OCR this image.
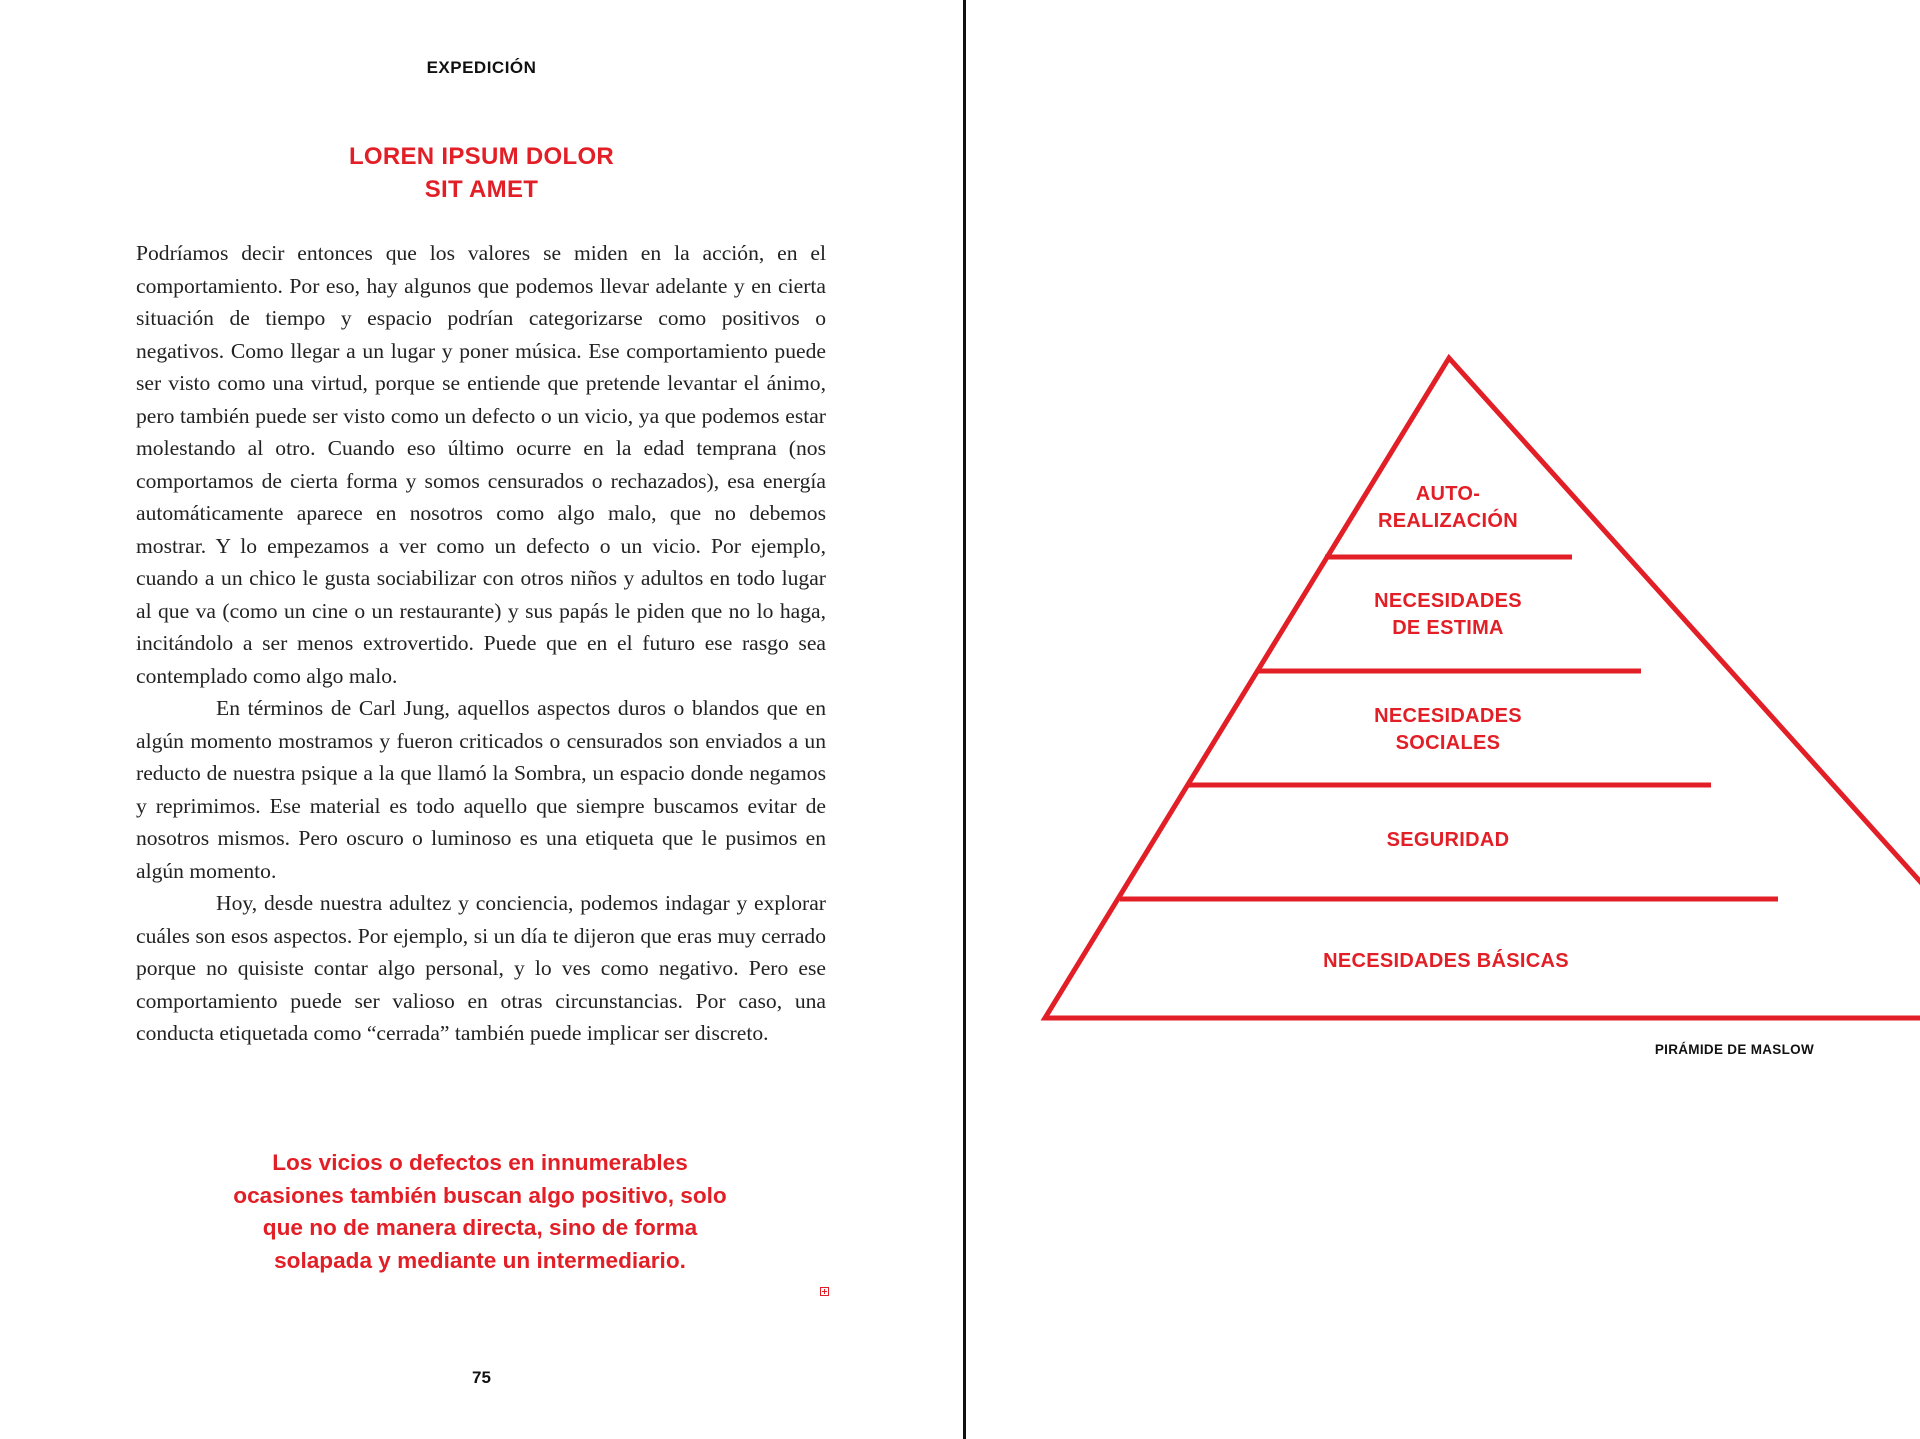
EXPEDICIÓN
LOREN IPSUM DOLOR
SIT AMET

Podríamos decir entonces que los valores se miden en la acción, en el comportamiento. Por eso, hay algunos que podemos llevar adelante y en cierta situación de tiempo y espacio podrían categorizarse como positivos o negativos. Como llegar a un lugar y poner música. Ese comportamiento puede ser visto como una virtud, porque se entiende que pretende levantar el ánimo, pero también puede ser visto como un defecto o un vicio, ya que podemos estar molestando al otro. Cuando eso último ocurre en la edad temprana (nos comportamos de cierta forma y somos censurados o rechazados), esa energía automáticamente aparece en nosotros como algo malo, que no debemos mostrar. Y lo empezamos a ver como un defecto o un vicio. Por ejemplo, cuando a un chico le gusta sociabilizar con otros niños y adultos en todo lugar al que va (como un cine o un restaurante) y sus papás le piden que no lo haga, incitándolo a ser menos extrovertido. Puede que en el futuro ese rasgo sea contemplado como algo malo.

En términos de Carl Jung, aquellos aspectos duros o blandos que en algún momento mostramos y fueron criticados o censurados son enviados a un reducto de nuestra psique a la que llamó la Sombra, un espacio donde negamos y reprimimos. Ese material es todo aquello que siempre buscamos evitar de nosotros mismos. Pero oscuro o luminoso es una etiqueta que le pusimos en algún momento.

Hoy, desde nuestra adultez y conciencia, podemos indagar y explorar cuáles son esos aspectos. Por ejemplo, si un día te dijeron que eras muy cerrado porque no quisiste contar algo personal, y lo ves como negativo. Pero ese comportamiento puede ser valioso en otras circunstancias. Por caso, una conducta etiquetada como “cerrada” también puede implicar ser discreto.

Los vicios o defectos en innumerables
ocasiones también buscan algo positivo, solo
que no de manera directa, sino de forma
solapada y mediante un intermediario.
75
AUTO-
REALIZACIÓN
NECESIDADES
DE ESTIMA
NECESIDADES
SOCIALES
SEGURIDAD
NECESIDADES BÁSICAS
PIRÁMIDE DE MASLOW
